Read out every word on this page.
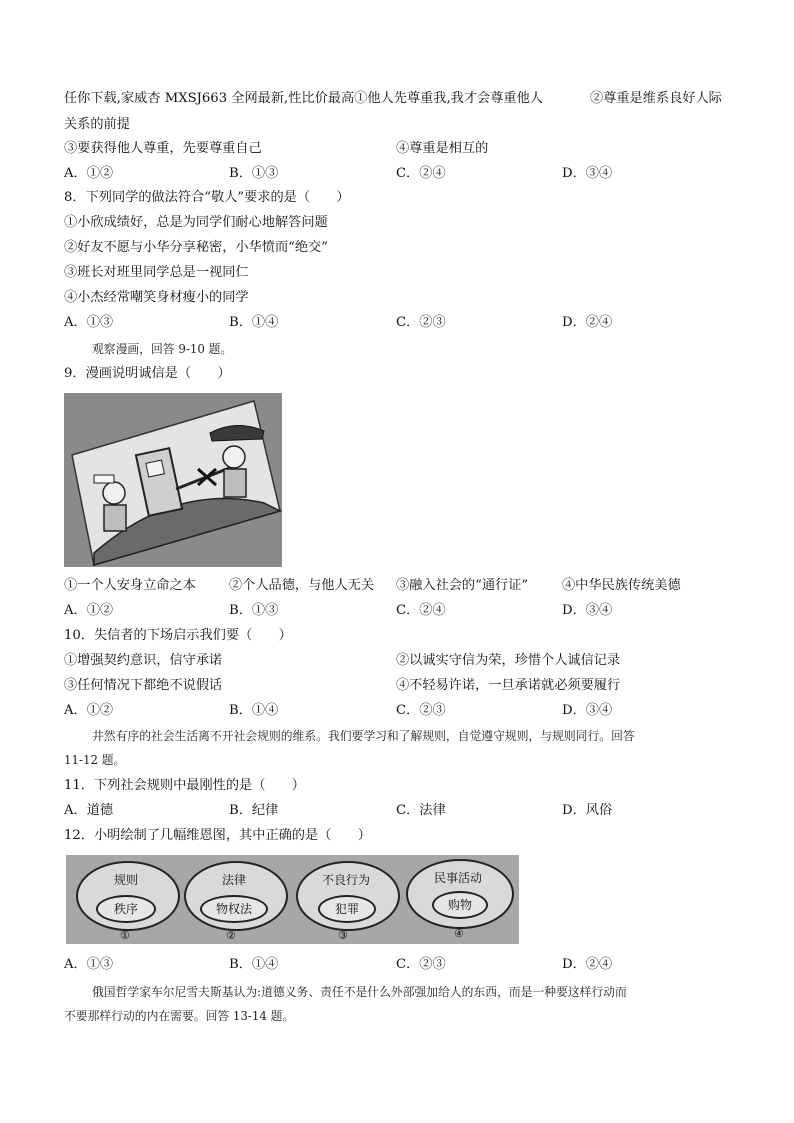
任你下载,家威杏 MXSJ663 全网最新,性比价最高①他人先尊重我,我才会尊重他人	②尊重是维系良好人际
关系的前提
③要获得他人尊重，先要尊重自己	④尊重是相互的
A．①②	B．①③	C．②④	D．③④
8．下列同学的做法符合“敬人”要求的是（　　）
①小欣成绩好，总是为同学们耐心地解答问题
②好友不愿与小华分享秘密，小华愤而“绝交”
③班长对班里同学总是一视同仁
④小杰经常嘲笑身材瘦小的同学
A．①③	B．①④	C．②③	D．②④
观察漫画，回答 9-10 题。
9．漫画说明诚信是（　　）
①一个人安身立命之本	②个人品德，与他人无关 ③融入社会的“通行证”	④中华民族传统美德
A．①②	B．①③	C．②④	D．③④
10．失信者的下场启示我们要（　　）
①增强契约意识，信守承诺	②以诚实守信为荣，珍惜个人诚信记录
③任何情况下都绝不说假话	④不轻易许诺，一旦承诺就必须要履行
A．①②	B．①④	C．②③	D．③④
井然有序的社会生活离不开社会规则的维系。我们要学习和了解规则，自觉遵守规则，与规则同行。回答
11-12 题。
11．下列社会规则中最刚性的是（　　）
A．道德	B．纪律	C．法律	D．风俗
12．小明绘制了几幅维恩图，其中正确的是（　　）
规则
秩序
①
法律
物权法
②
不良行为
犯罪
③
民事活动
购物
④
A．①③	B．①④	C．②③	D．②④
俄国哲学家车尔尼雪夫斯基认为:道德义务、责任不是什么外部强加给人的东西，而是一种要这样行动而
不要那样行动的内在需要。回答 13-14 题。
